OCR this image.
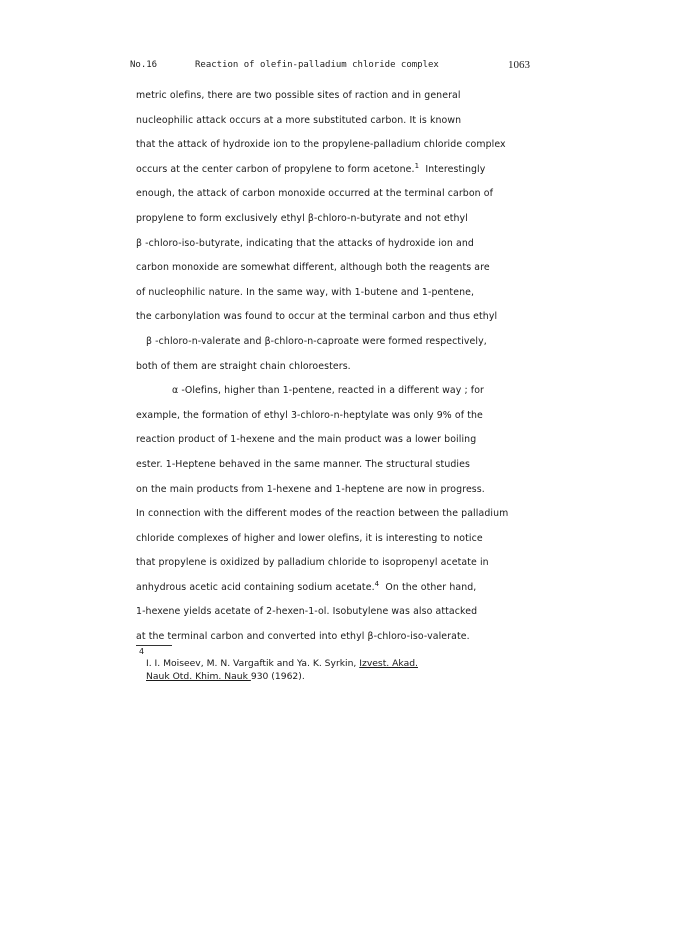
No.16	Reaction of olefin-palladium chloride complex	1063
metric olefins, there are two possible sites of raction and in general
nucleophilic attack occurs at a more substituted carbon. It is known
that the attack of hydroxide ion to the propylene-palladium chloride complex
occurs at the center carbon of propylene to form acetone.$^1$ Interestingly
enough, the attack of carbon monoxide occurred at the terminal carbon of
propylene to form exclusively ethyl β-chloro-n-butyrate and not ethyl
β -chloro-iso-butyrate, indicating that the attacks of hydroxide ion and
carbon monoxide are somewhat different, although both the reagents are
of nucleophilic nature. In the same way, with 1-butene and 1-pentene,
the carbonylation was found to occur at the terminal carbon and thus ethyl
β -chloro-n-valerate and β-chloro-n-caproate were formed respectively,
both of them are straight chain chloroesters.
α -Olefins, higher than 1-pentene, reacted in a different way ; for
example, the formation of ethyl 3-chloro-n-heptylate was only 9% of the
reaction product of 1-hexene and the main product was a lower boiling
ester. 1-Heptene behaved in the same manner. The structural studies
on the main products from 1-hexene and 1-heptene are now in progress.
In connection with the different modes of the reaction between the palladium
chloride complexes of higher and lower olefins, it is interesting to notice
that propylene is oxidized by palladium chloride to isopropenyl acetate in
anhydrous acetic acid containing sodium acetate.$^4$ On the other hand,
1-hexene yields acetate of 2-hexen-1-ol. Isobutylene was also attacked
at the terminal carbon and converted into ethyl β-chloro-iso-valerate.
4
I. I. Moiseev, M. N. Vargaftik and Ya. K. Syrkin, Izvest. Akad.
Nauk Otd. Khim. Nauk 930 (1962).
